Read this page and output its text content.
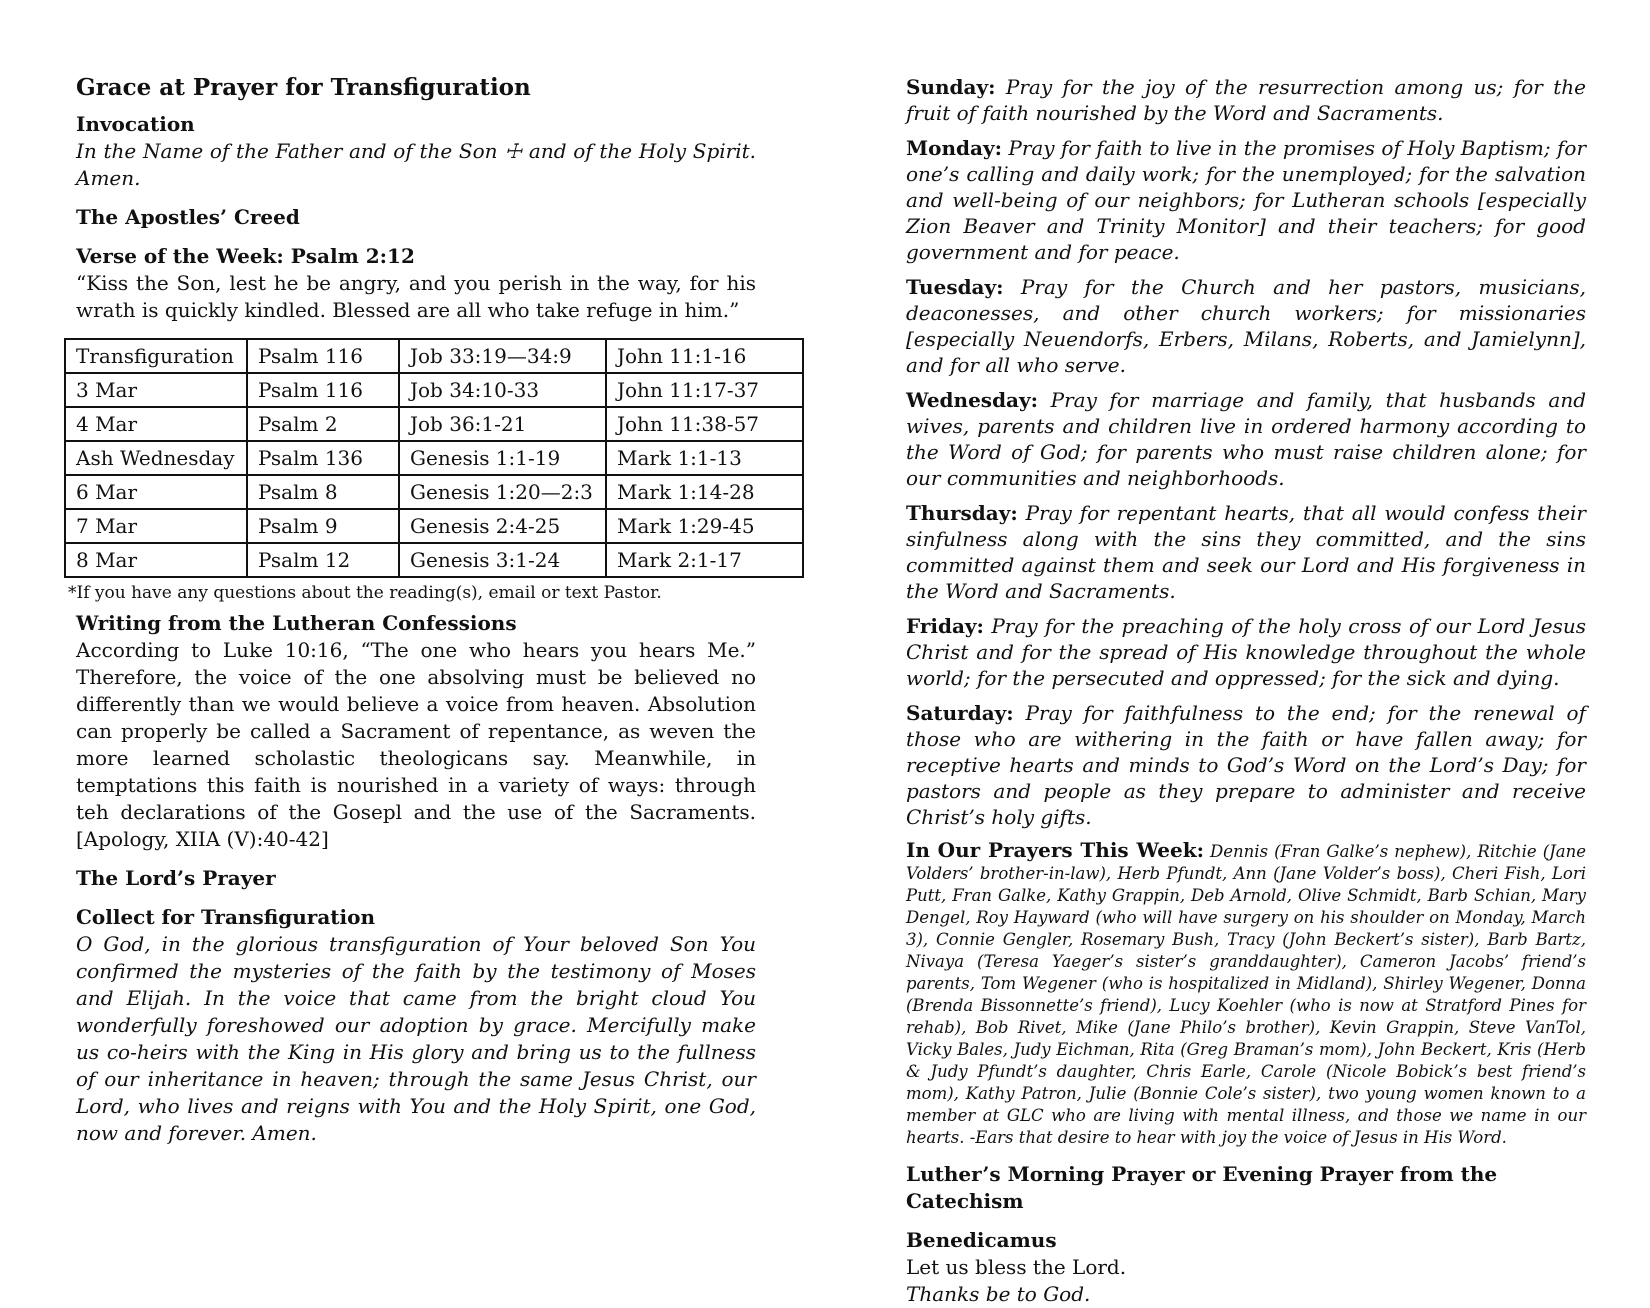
Grace at Prayer for Transfiguration
Invocation
In the Name of the Father and of the Son ☩ and of the Holy Spirit. Amen.
The Apostles’ Creed
Verse of the Week: Psalm 2:12
“Kiss the Son, lest he be angry, and you perish in the way, for his wrath is quickly kindled. Blessed are all who take refuge in him.”
Transfiguration	Psalm 116	Job 33:19—34:9	John 11:1-16
3 Mar	Psalm 116	Job 34:10-33	John 11:17-37
4 Mar	Psalm 2	Job 36:1-21	John 11:38-57
Ash Wednesday	Psalm 136	Genesis 1:1-19	Mark 1:1-13
6 Mar	Psalm 8	Genesis 1:20—2:3	Mark 1:14-28
7 Mar	Psalm 9	Genesis 2:4-25	Mark 1:29-45
8 Mar	Psalm 12	Genesis 3:1-24	Mark 2:1-17
*If you have any questions about the reading(s), email or text Pastor.
Writing from the Lutheran Confessions
According to Luke 10:16, “The one who hears you hears Me.” Therefore, the voice of the one absolving must be believed no differently than we would believe a voice from heaven. Absolution can properly be called a Sacrament of repentance, as weven the more learned scholastic theologicans say. Meanwhile, in temptations this faith is nourished in a variety of ways: through teh declarations of the Gosepl and the use of the Sacraments. [Apology, XIIA (V):40-42]
The Lord’s Prayer
Collect for Transfiguration
O God, in the glorious transfiguration of Your beloved Son You confirmed the mysteries of the faith by the testimony of Moses and Elijah. In the voice that came from the bright cloud You wonderfully foreshowed our adoption by grace. Mercifully make us co-heirs with the King in His glory and bring us to the fullness of our inheritance in heaven; through the same Jesus Christ, our Lord, who lives and reigns with You and the Holy Spirit, one God, now and forever. Amen.
Sunday: Pray for the joy of the resurrection among us; for the fruit of faith nourished by the Word and Sacraments.
Monday: Pray for faith to live in the promises of Holy Baptism; for one’s calling and daily work; for the unemployed; for the salvation and well-being of our neighbors; for Lutheran schools [especially Zion Beaver and Trinity Monitor] and their teachers; for good government and for peace.
Tuesday: Pray for the Church and her pastors, musicians, deaconesses, and other church workers; for missionaries [especially Neuendorfs, Erbers, Milans, Roberts, and Jamielynn], and for all who serve.
Wednesday: Pray for marriage and family, that husbands and wives, parents and children live in ordered harmony according to the Word of God; for parents who must raise children alone; for our communities and neighborhoods.
Thursday: Pray for repentant hearts, that all would confess their sinfulness along with the sins they committed, and the sins committed against them and seek our Lord and His forgiveness in the Word and Sacraments.
Friday: Pray for the preaching of the holy cross of our Lord Jesus Christ and for the spread of His knowledge throughout the whole world; for the persecuted and oppressed; for the sick and dying.
Saturday: Pray for faithfulness to the end; for the renewal of those who are withering in the faith or have fallen away; for receptive hearts and minds to God’s Word on the Lord’s Day; for pastors and people as they prepare to administer and receive Christ’s holy gifts.
In Our Prayers This Week: Dennis (Fran Galke’s nephew), Ritchie (Jane Volders’ brother-in-law), Herb Pfundt, Ann (Jane Volder’s boss), Cheri Fish, Lori Putt, Fran Galke, Kathy Grappin, Deb Arnold, Olive Schmidt, Barb Schian, Mary Dengel, Roy Hayward (who will have surgery on his shoulder on Monday, March 3), Connie Gengler, Rosemary Bush, Tracy (John Beckert’s sister), Barb Bartz, Nivaya (Teresa Yaeger’s sister’s granddaughter), Cameron Jacobs’ friend’s parents, Tom Wegener (who is hospitalized in Midland), Shirley Wegener, Donna (Brenda Bissonnette’s friend), Lucy Koehler (who is now at Stratford Pines for rehab), Bob Rivet, Mike (Jane Philo’s brother), Kevin Grappin, Steve VanTol, Vicky Bales, Judy Eichman, Rita (Greg Braman’s mom), John Beckert, Kris (Herb & Judy Pfundt’s daughter, Chris Earle, Carole (Nicole Bobick’s best friend’s mom), Kathy Patron, Julie (Bonnie Cole’s sister), two young women known to a member at GLC who are living with mental illness, and those we name in our hearts. -Ears that desire to hear with joy the voice of Jesus in His Word.
Luther’s Morning Prayer or Evening Prayer from the Catechism
Benedicamus
Let us bless the Lord.
Thanks be to God.
